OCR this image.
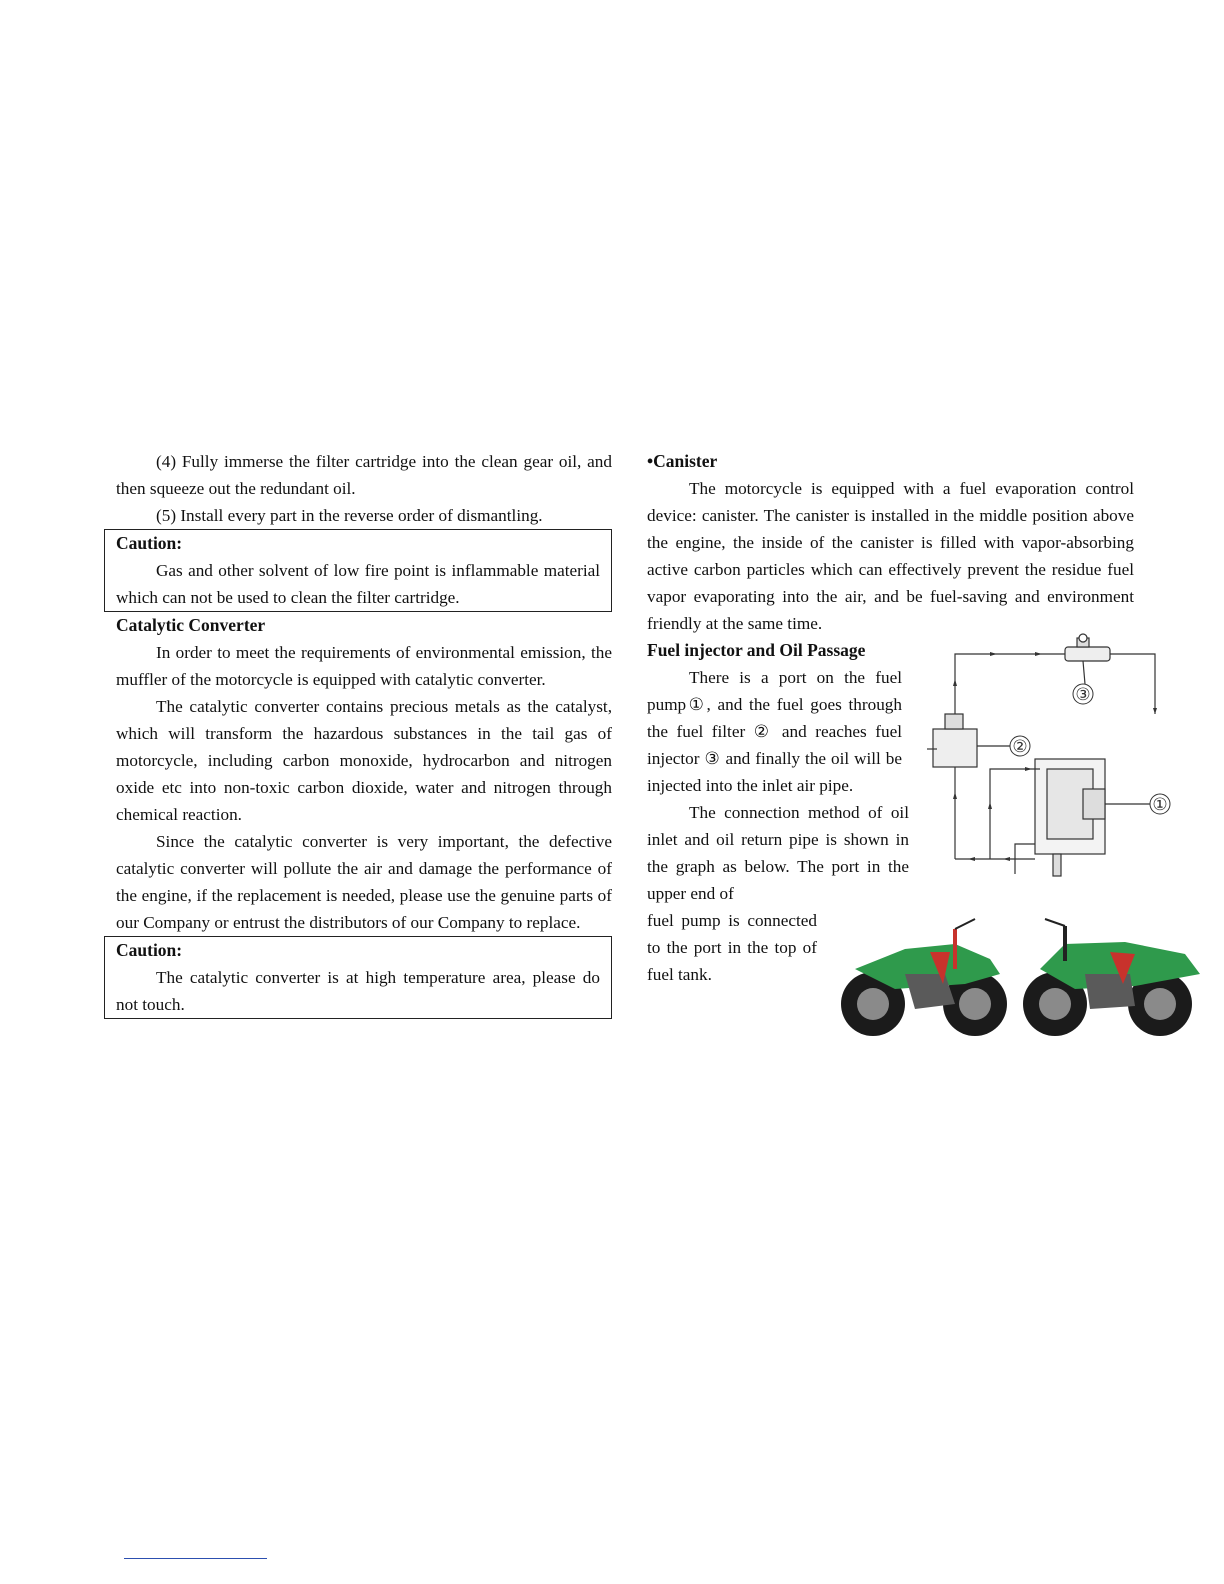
(4) Fully immerse the filter cartridge into the clean gear oil, and then squeeze out the redundant oil.

(5) Install every part in the reverse order of dismantling.

Caution:

Gas and other solvent of low fire point is inflammable material which can not be used to clean the filter cartridge.

Catalytic Converter

In order to meet the requirements of environmental emission, the muffler of the motorcycle is equipped with catalytic converter.

The catalytic converter contains precious metals as the catalyst, which will transform the hazardous substances in the tail gas of motorcycle, including carbon monoxide, hydrocarbon and nitrogen oxide etc into non-toxic carbon dioxide, water and nitrogen through chemical reaction.

Since the catalytic converter is very important, the defective catalytic converter will pollute the air and damage the performance of the engine, if the replacement is needed, please use the genuine parts of our Company or entrust the distributors of our Company to replace.

Caution:

The catalytic converter is at high temperature area, please do not touch.

•Canister

The motorcycle is equipped with a fuel evaporation control device: canister. The canister is installed in the middle position above the engine, the inside of the canister is filled with vapor-absorbing active carbon particles which can effectively prevent the residue fuel vapor evaporating into the air, and be fuel-saving and environment friendly at the same time.

Fuel injector and Oil Passage

There is a port on the fuel pump①, and the fuel goes through the fuel filter ② and reaches fuel injector ③ and finally the oil will be injected into the inlet air pipe.

The connection method of oil inlet and oil return pipe is shown in the graph as below. The port in the upper end of

fuel pump is connected to the port in the top of fuel tank.

③
②
①
